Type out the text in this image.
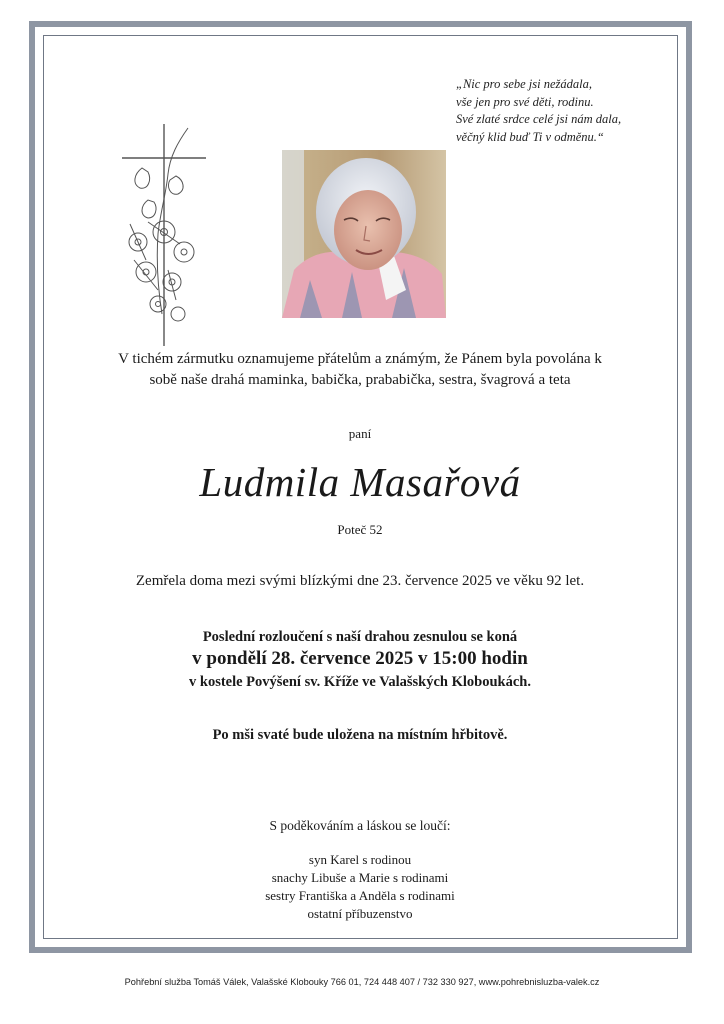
„Nic pro sebe jsi nežádala,
vše jen pro své děti, rodinu.
Své zlaté srdce celé jsi nám dala,
věčný klid buď Ti v odměnu.“
V tichém zármutku oznamujeme přátelům a známým, že Pánem byla povolána k
sobě naše drahá maminka, babička, prababička, sestra, švagrová a teta
paní
Ludmila Masařová
Poteč 52
Zemřela doma mezi svými blízkými dne 23. července 2025 ve věku 92 let.
Poslední rozloučení s naší drahou zesnulou se koná
v pondělí 28. července 2025 v 15:00 hodin
v kostele Povýšení sv. Kříže ve Valašských Kloboukách.
Po mši svaté bude uložena na místním hřbitově.
S poděkováním a láskou se loučí:
syn Karel s rodinou
snachy Libuše a Marie s rodinami
sestry Františka a Anděla s rodinami
ostatní příbuzenstvo
Pohřební služba Tomáš Válek, Valašské Klobouky 766 01, 724 448 407 / 732 330 927, www.pohrebnisluzba-valek.cz
